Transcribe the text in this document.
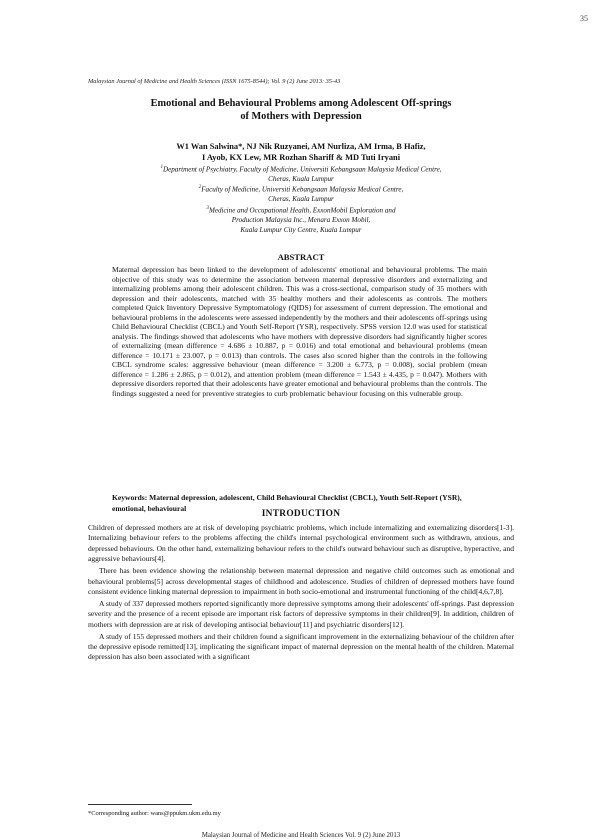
35
Malaysian Journal of Medicine and Health Sciences (ISSN 1675-8544); Vol. 9 (2) June 2013: 35-43
Emotional and Behavioural Problems among Adolescent Off-springs
of Mothers with Depression
W1 Wan Salwina*, NJ Nik Ruzyanei, AM Nurliza, AM Irma, B Hafiz,
I Ayob, KX Lew, MR Rozhan Shariff & MD Tuti Iryani
$^1$Department of Psychiatry, Faculty of Medicine, Universiti Kebangsaan Malaysia Medical Centre,
Cheras, Kuala Lumpur
$^2$Faculty of Medicine, Universiti Kebangsaan Malaysia Medical Centre,
Cheras, Kuala Lumpur
$^3$Medicine and Occupational Health, ExxonMobil Exploration and
Production Malaysia Inc., Menara Exxon Mobil,
Kuala Lumpur City Centre, Kuala Lumpur
ABSTRACT

Maternal depression has been linked to the development of adolescents' emotional and behavioural problems. The main objective of this study was to determine the association between maternal depressive disorders and externalizing and internalizing problems among their adolescent children. This was a cross-sectional, comparison study of 35 mothers with depression and their adolescents, matched with 35 healthy mothers and their adolescents as controls. The mothers completed Quick Inventory Depressive Symptomatology (QIDS) for assessment of current depression. The emotional and behavioural problems in the adolescents were assessed independently by the mothers and their adolescents off-springs using Child Behavioural Checklist (CBCL) and Youth Self-Report (YSR), respectively. SPSS version 12.0 was used for statistical analysis. The findings showed that adolescents who have mothers with depressive disorders had significantly higher scores of externalizing (mean difference = 4.686 ± 10.887, p = 0.016) and total emotional and behavioural problems (mean difference = 10.171 ± 23.007, p = 0.013) than controls. The cases also scored higher than the controls in the following CBCL syndrome scales: aggressive behaviour (mean difference = 3.200 ± 6.773, p = 0.008), social problem (mean difference = 1.286 ± 2.865, p = 0.012), and attention problem (mean difference = 1.543 ± 4.435, p = 0.047). Mothers with depressive disorders reported that their adolescents have greater emotional and behavioural problems than the controls. The findings suggested a need for preventive strategies to curb problematic behaviour focusing on this vulnerable group.

Keywords: Maternal depression, adolescent, Child Behavioural Checklist (CBCL), Youth Self-Report (YSR), emotional, behavioural

INTRODUCTION

Children of depressed mothers are at risk of developing psychiatric problems, which include internalizing and externalizing disorders[1-3]. Internalizing behaviour refers to the problems affecting the child's internal psychological environment such as withdrawn, anxious, and depressed behaviours. On the other hand, externalizing behaviour refers to the child's outward behaviour such as disruptive, hyperactive, and aggressive behaviours[4].

There has been evidence showing the relationship between maternal depression and negative child outcomes such as emotional and behavioural problems[5] across developmental stages of childhood and adolescence. Studies of children of depressed mothers have found consistent evidence linking maternal depression to impairment in both socio-emotional and instrumental functioning of the child[4,6,7,8].

A study of 337 depressed mothers reported significantly more depressive symptoms among their adolescents' off-springs. Past depression severity and the presence of a recent episode are important risk factors of depressive symptoms in their children[9]. In addition, children of mothers with depression are at risk of developing antisocial behaviour[11] and psychiatric disorders[12].

A study of 155 depressed mothers and their children found a significant improvement in the externalizing behaviour of the children after the depressive episode remitted[13], implicating the significant impact of maternal depression on the mental health of the children. Maternal depression has also been associated with a significant

*Corresponding author: wans@ppukm.ukm.edu.my
Malaysian Journal of Medicine and Health Sciences Vol. 9 (2) June 2013
